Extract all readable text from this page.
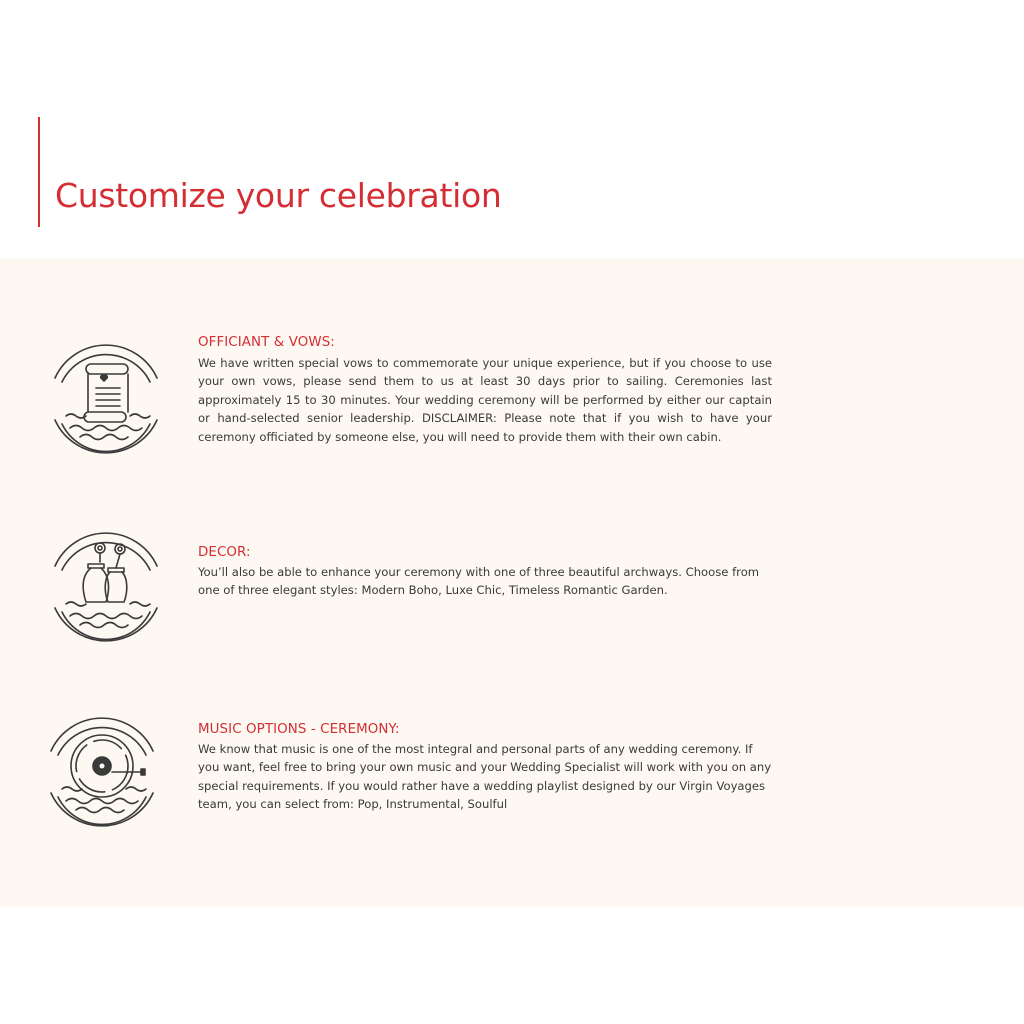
Customize your celebration
OFFICIANT & VOWS:

We have written special vows to commemorate your unique experience, but if you choose to use your own vows, please send them to us at least 30 days prior to sailing. Ceremonies last approximately 15 to 30 minutes. Your wedding ceremony will be performed by either our captain or hand-selected senior leadership. DISCLAIMER: Please note that if you wish to have your ceremony officiated by someone else, you will need to provide them with their own cabin.

DECOR:

You’ll also be able to enhance your ceremony with one of three beautiful archways. Choose from one of three elegant styles: Modern Boho, Luxe Chic, Timeless Romantic Garden.

MUSIC OPTIONS - CEREMONY:

We know that music is one of the most integral and personal parts of any wedding ceremony. If you want, feel free to bring your own music and your Wedding Specialist will work with you on any special requirements. If you would rather have a wedding playlist designed by our Virgin Voyages team, you can select from: Pop, Instrumental, Soulful
